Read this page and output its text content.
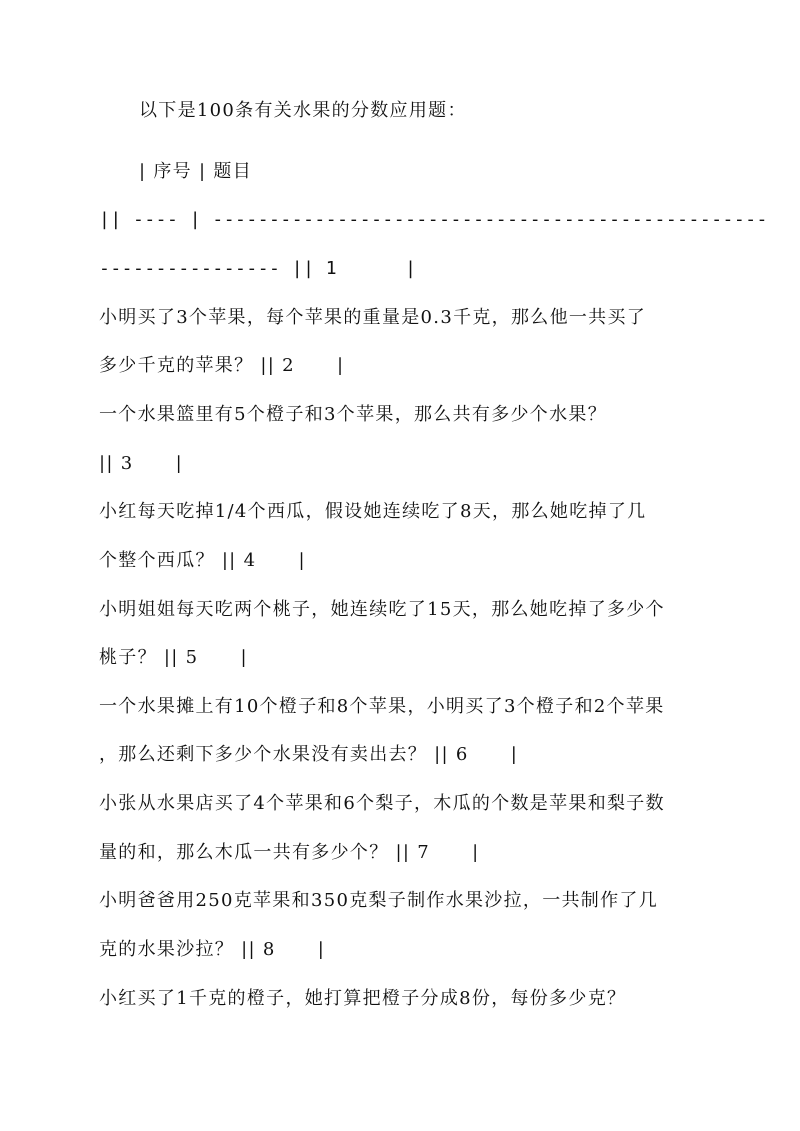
以下是100条有关水果的分数应用题：
| 序号 | 题目
|| ---- | -------------------------------------------------
---------------- || 1      |
小明买了3个苹果，每个苹果的重量是0.3千克，那么他一共买了
多少千克的苹果？ || 2      |
一个水果篮里有5个橙子和3个苹果，那么共有多少个水果？
|| 3      |
小红每天吃掉1/4个西瓜，假设她连续吃了8天，那么她吃掉了几
个整个西瓜？ || 4      |
小明姐姐每天吃两个桃子，她连续吃了15天，那么她吃掉了多少个
桃子？ || 5      |
一个水果摊上有10个橙子和8个苹果，小明买了3个橙子和2个苹果
，那么还剩下多少个水果没有卖出去？ || 6      |
小张从水果店买了4个苹果和6个梨子，木瓜的个数是苹果和梨子数
量的和，那么木瓜一共有多少个？ || 7      |
小明爸爸用250克苹果和350克梨子制作水果沙拉，一共制作了几
克的水果沙拉？ || 8      |
小红买了1千克的橙子，她打算把橙子分成8份，每份多少克？
